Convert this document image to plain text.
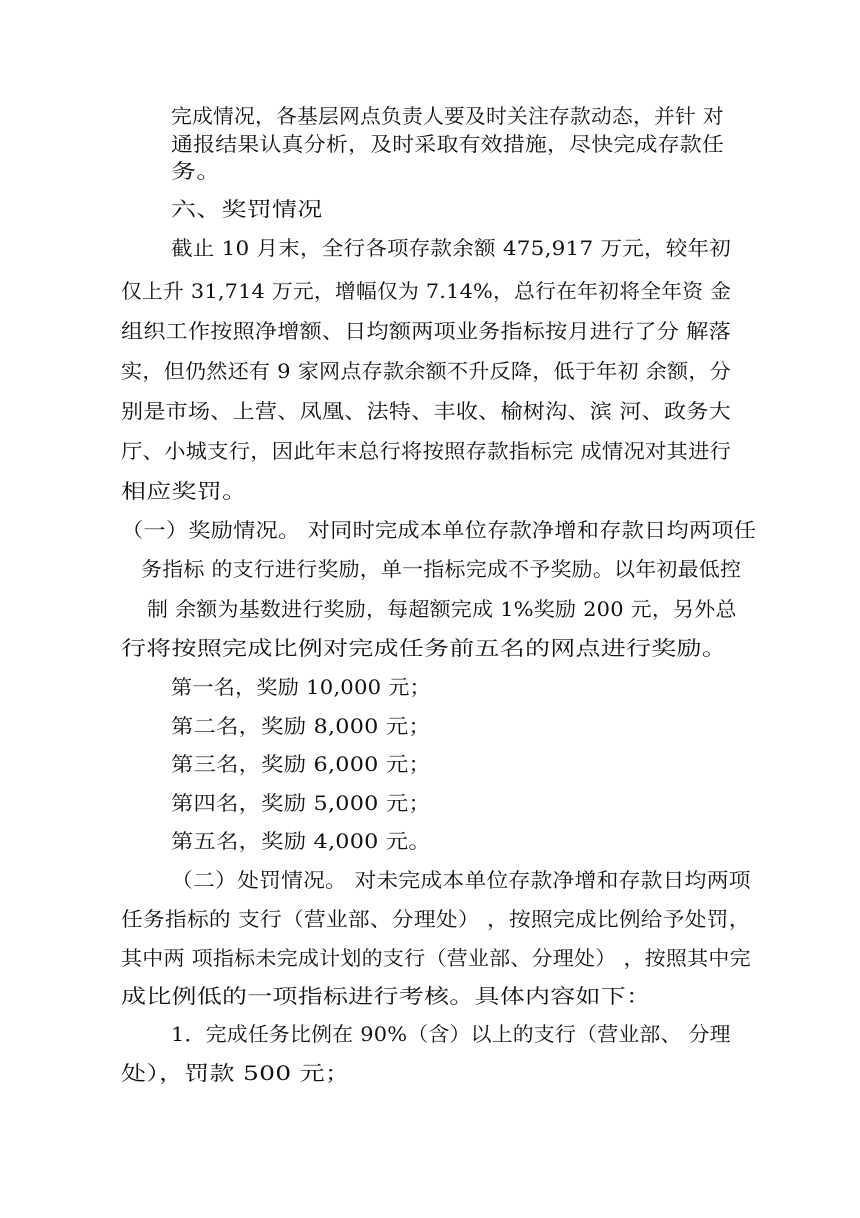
完成情况，各基层网点负责人要及时关注存款动态，并针 对
通报结果认真分析，及时采取有效措施，尽快完成存款任
务。
六、奖罚情况
截止 10 月末，全行各项存款余额 475,917 万元，较年初
仅上升 31,714 万元，增幅仅为 7.14%，总行在年初将全年资 金
组织工作按照净增额、日均额两项业务指标按月进行了分 解落
实，但仍然还有 9 家网点存款余额不升反降，低于年初 余额，分
别是市场、上营、凤凰、法特、丰收、榆树沟、滨 河、政务大
厅、小城支行，因此年末总行将按照存款指标完 成情况对其进行
相应奖罚。
（一）奖励情况。 对同时完成本单位存款净增和存款日均两项任
务指标 的支行进行奖励，单一指标完成不予奖励。以年初最低控
制 余额为基数进行奖励，每超额完成 1%奖励 200 元，另外总
行将按照完成比例对完成任务前五名的网点进行奖励。
第一名，奖励 10,000 元；
第二名，奖励 8,000 元；
第三名，奖励 6,000 元；
第四名，奖励 5,000 元；
第五名，奖励 4,000 元。
（二）处罚情况。 对未完成本单位存款净增和存款日均两项
任务指标的 支行（营业部、分理处） ，按照完成比例给予处罚，
其中两 项指标未完成计划的支行（营业部、分理处） ，按照其中完
成比例低的一项指标进行考核。具体内容如下：
1．完成任务比例在 90%（含）以上的支行（营业部、 分理
处），罚款 500 元；
